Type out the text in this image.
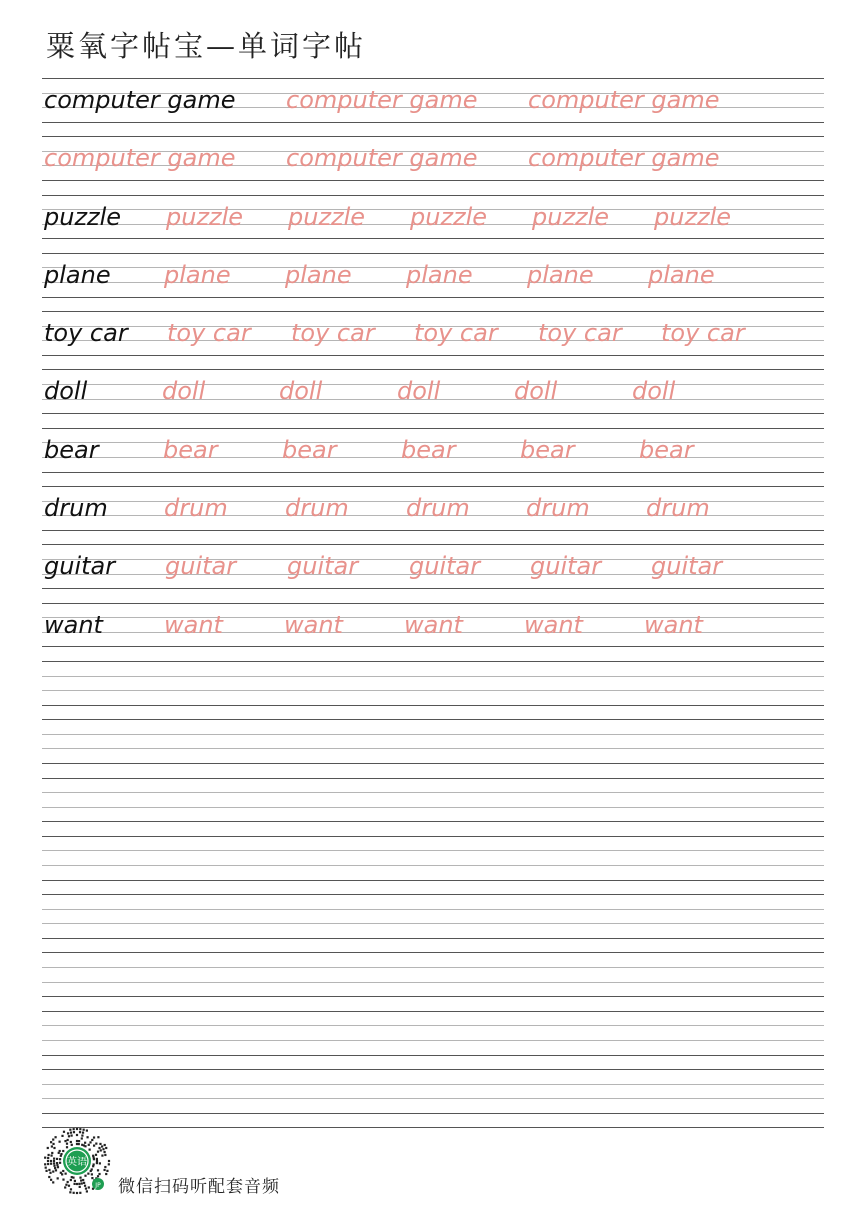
粟氧字帖宝—单词字帖
computer game computer game computer game
computer game computer game computer game
puzzle puzzle puzzle puzzle puzzle puzzle
plane plane plane plane plane plane
toy car toy car toy car toy car toy car toy car
doll	doll	doll	doll	doll	doll
bear	bear	bear	bear	bear	bear
drum drum drum drum drum drum
guitar guitar guitar guitar guitar guitar
want	want	want	want	want	want
英语
JP 微信扫码听配套音频
